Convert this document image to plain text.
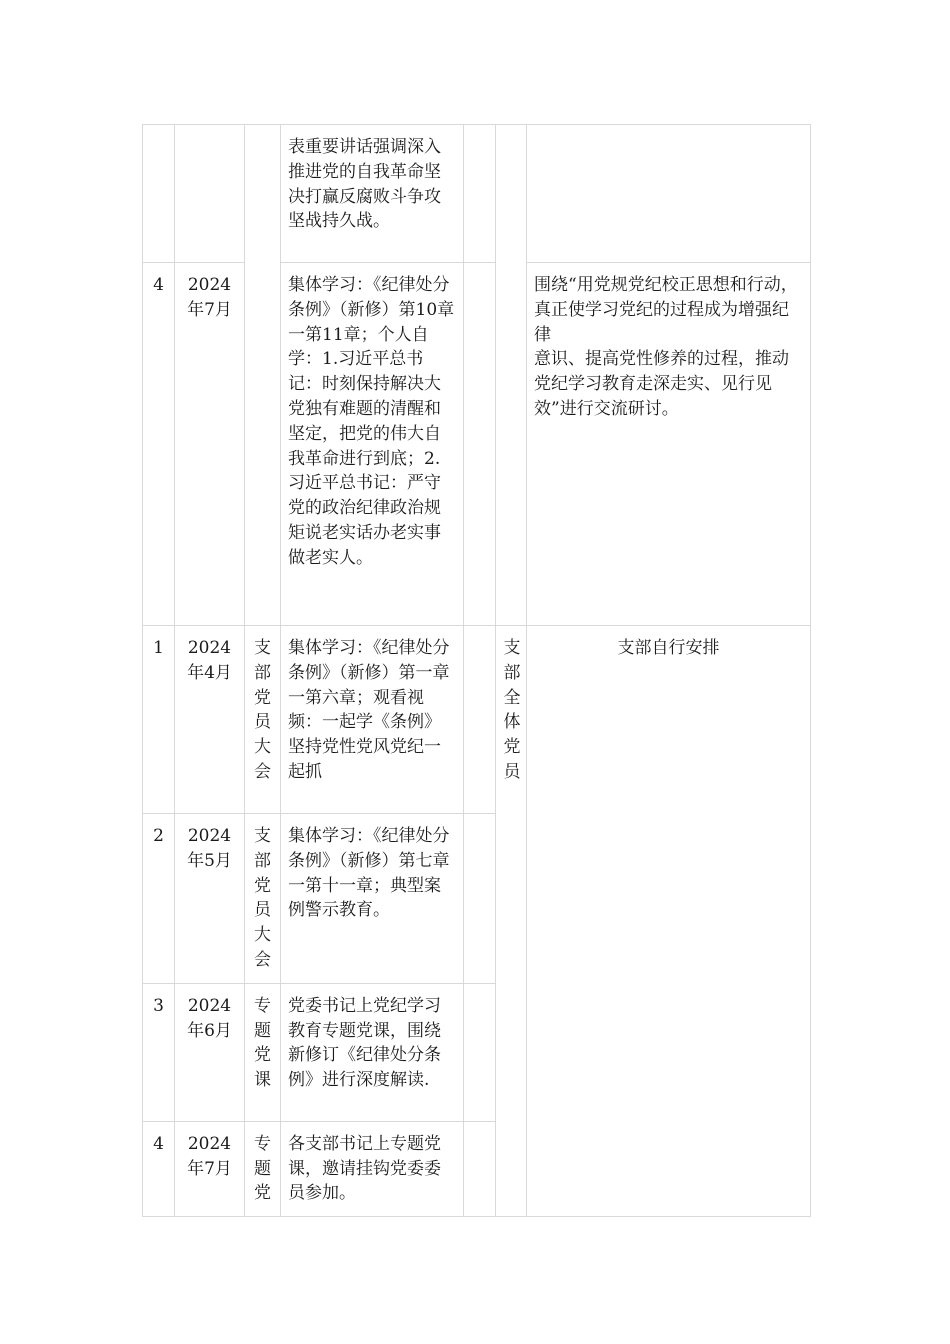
		表重要讲话强调深入推进党的自我革命坚决打赢反腐败斗争攻坚战持久战。			
4	2024
年7月		集体学习：《纪律处分条例》（新修）第10章一第11章；个人自学：1.习近平总书记：时刻保持解决大党独有难题的清醒和坚定，把党的伟大自我革命进行到底；2.习近平总书记：严守党的政治纪律政治规矩说老实话办老实事做老实人。			围绕“用党规党纪校正思想和行动，真正使学习党纪的过程成为增强纪律
意识、提高党性修养的过程，推动党纪学习教育走深走实、见行见效”进行交流研讨。

1	2024
年4月	支部党员大会	集体学习：《纪律处分条例》（新修）第一章一第六章；观看视频：一起学《条例》坚持党性党风党纪一起抓		支部全体党员	支部自行安排
2	2024
年5月	支部党员大会	集体学习：《纪律处分条例》（新修）第七章一第十一章；典型案例警示教育。			
3	2024
年6月	专题党课	党委书记上党纪学习教育专题党课，围绕新修订《纪律处分条例》进行深度解读.			
4	2024
年7月	专题党	各支部书记上专题党课，邀请挂钩党委委员参加。			
